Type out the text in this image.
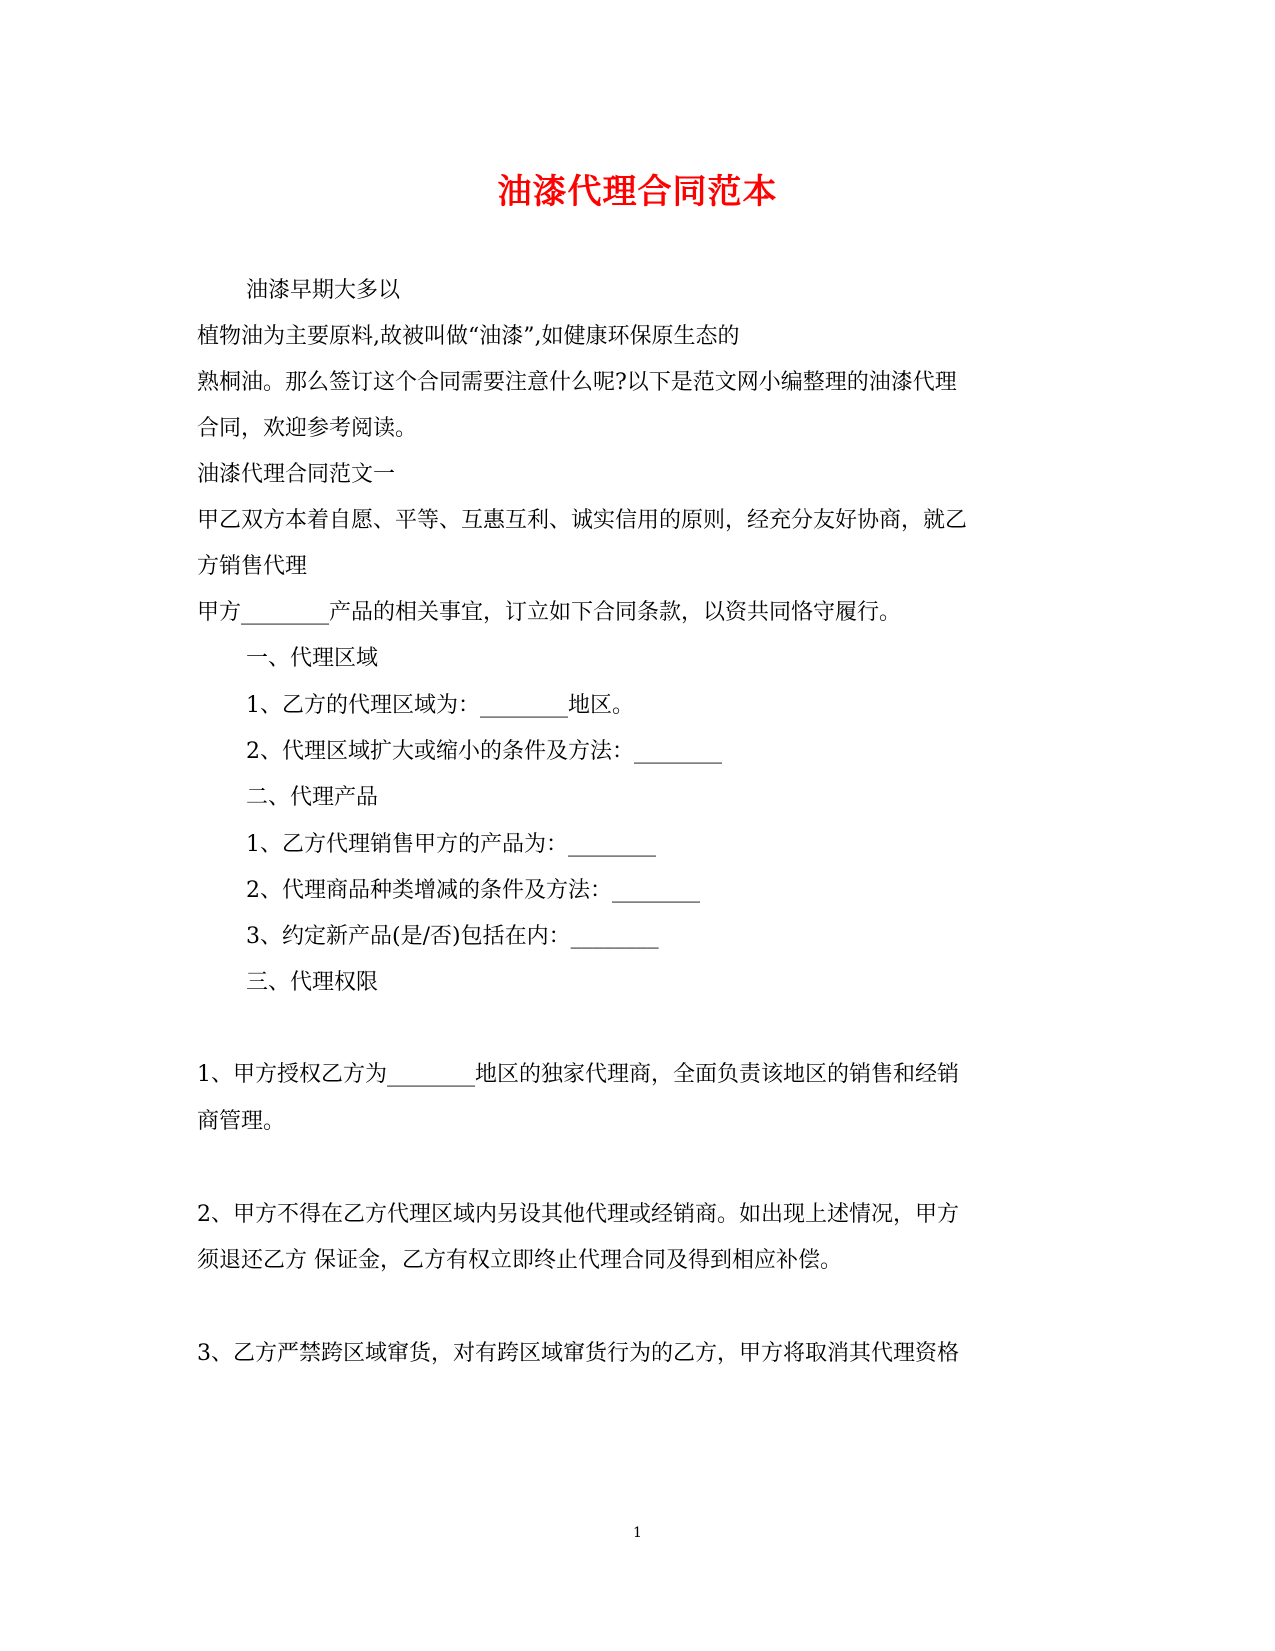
油漆代理合同范本
油漆早期大多以
植物油为主要原料,故被叫做“油漆”,如健康环保原生态的
熟桐油。那么签订这个合同需要注意什么呢?以下是范文网小编整理的油漆代理
合同，欢迎参考阅读。
油漆代理合同范文一
甲乙双方本着自愿、平等、互惠互利、诚实信用的原则，经充分友好协商，就乙
方销售代理
甲方________产品的相关事宜，订立如下合同条款，以资共同恪守履行。
一、代理区域
1、乙方的代理区域为：________地区。
2、代理区域扩大或缩小的条件及方法：________
二、代理产品
1、乙方代理销售甲方的产品为：________
2、代理商品种类增减的条件及方法：________
3、约定新产品(是/否)包括在内：________
三、代理权限
1、甲方授权乙方为________地区的独家代理商，全面负责该地区的销售和经销
商管理。
2、甲方不得在乙方代理区域内另设其他代理或经销商。如出现上述情况，甲方
须退还乙方 保证金，乙方有权立即终止代理合同及得到相应补偿。
3、乙方严禁跨区域窜货，对有跨区域窜货行为的乙方，甲方将取消其代理资格
1
